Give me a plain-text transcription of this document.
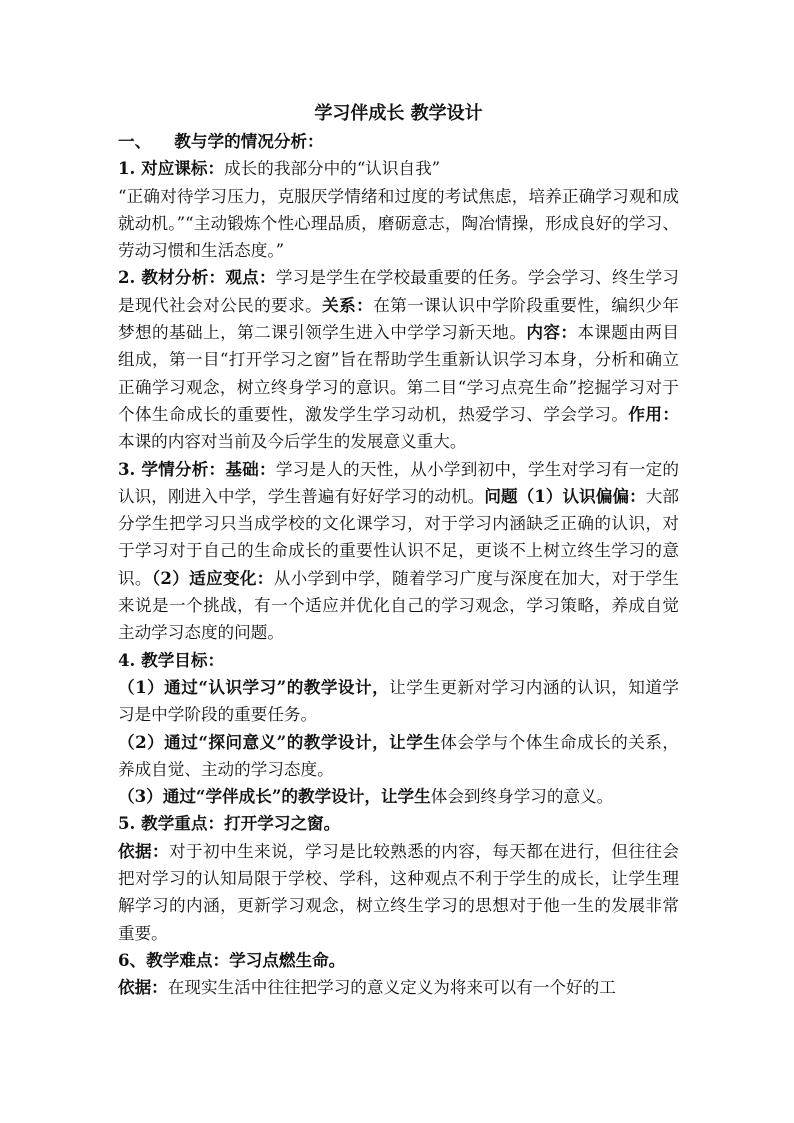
学习伴成长 教学设计

一、 教与学的情况分析：

1. 对应课标：成长的我部分中的“认识自我”

“正确对待学习压力，克服厌学情绪和过度的考试焦虑，培养正确学习观和成就动机。”“主动锻炼个性心理品质，磨砺意志，陶冶情操，形成良好的学习、劳动习惯和生活态度。”

2. 教材分析：观点：学习是学生在学校最重要的任务。学会学习、终生学习是现代社会对公民的要求。关系：在第一课认识中学阶段重要性，编织少年梦想的基础上，第二课引领学生进入中学学习新天地。内容：本课题由两目组成，第一目“打开学习之窗”旨在帮助学生重新认识学习本身，分析和确立正确学习观念，树立终身学习的意识。第二目“学习点亮生命”挖掘学习对于个体生命成长的重要性，激发学生学习动机，热爱学习、学会学习。作用：本课的内容对当前及今后学生的发展意义重大。

3. 学情分析：基础：学习是人的天性，从小学到初中，学生对学习有一定的认识，刚进入中学，学生普遍有好好学习的动机。问题（1）认识偏偏：大部分学生把学习只当成学校的文化课学习，对于学习内涵缺乏正确的认识，对于学习对于自己的生命成长的重要性认识不足，更谈不上树立终生学习的意识。（2）适应变化：从小学到中学，随着学习广度与深度在加大，对于学生来说是一个挑战，有一个适应并优化自己的学习观念，学习策略，养成自觉主动学习态度的问题。

4. 教学目标：

（1）通过“认识学习”的教学设计，让学生更新对学习内涵的认识，知道学习是中学阶段的重要任务。

（2）通过“探问意义”的教学设计，让学生体会学与个体生命成长的关系，养成自觉、主动的学习态度。

（3）通过“学伴成长”的教学设计，让学生体会到终身学习的意义。

5. 教学重点：打开学习之窗。

依据：对于初中生来说，学习是比较熟悉的内容，每天都在进行，但往往会把对学习的认知局限于学校、学科，这种观点不利于学生的成长，让学生理解学习的内涵，更新学习观念，树立终生学习的思想对于他一生的发展非常重要。

6、教学难点：学习点燃生命。

依据：在现实生活中往往把学习的意义定义为将来可以有一个好的工
